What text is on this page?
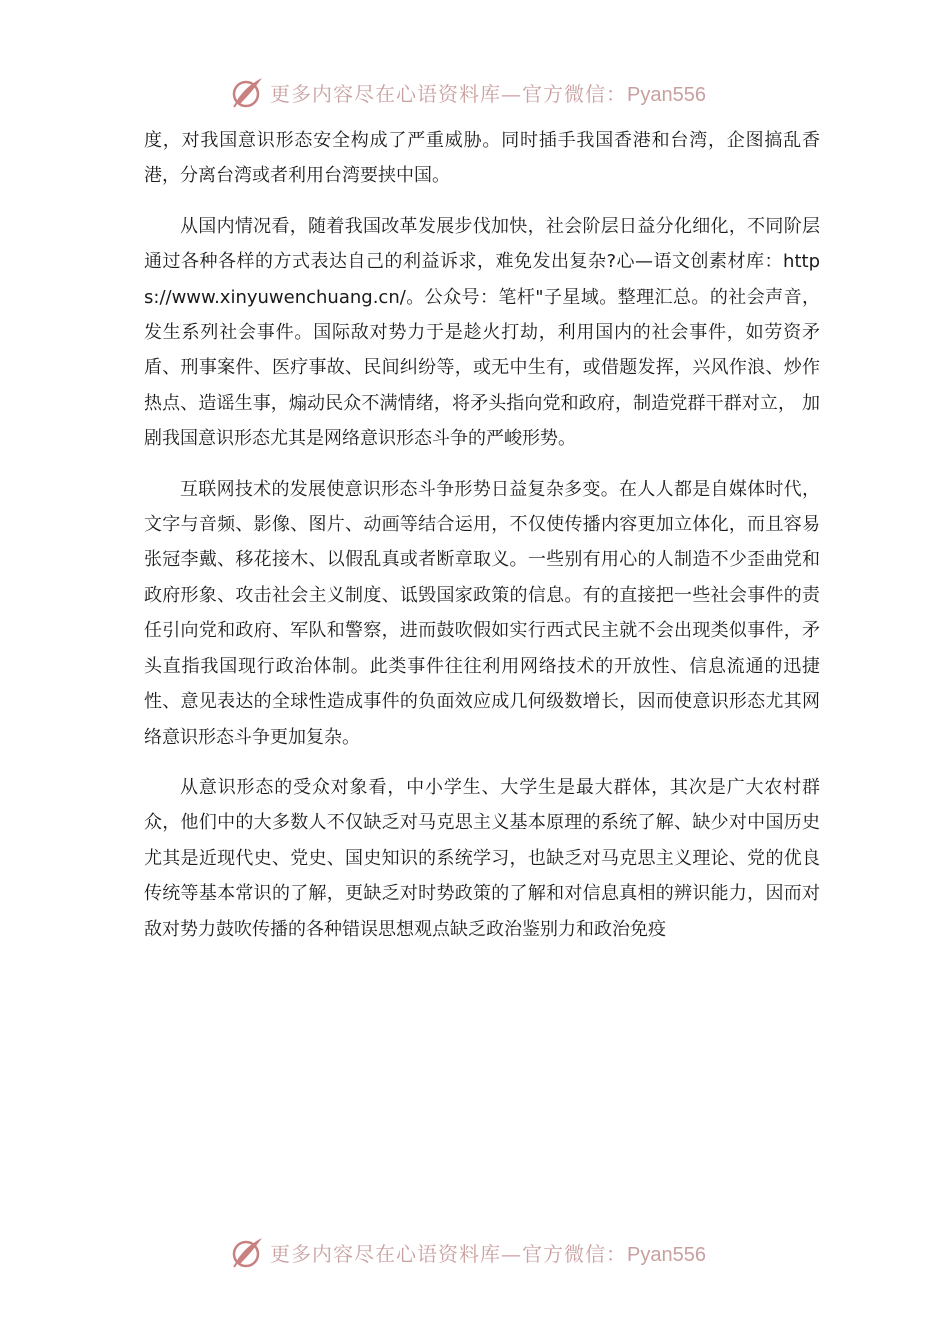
更多内容尽在心语资料库—官方微信：Pyan556

度，对我国意识形态安全构成了严重威胁。同时插手我国香港和台湾，企图搞乱香港，分离台湾或者利用台湾要挟中国。

从国内情况看，随着我国改革发展步伐加快，社会阶层日益分化细化，不同阶层通过各种各样的方式表达自己的利益诉求，难免发出复杂?心—语文创素材库：https://www.xinyuwenchuang.cn/。公众号：笔杆"子星域。整理汇总。的社会声音，发生系列社会事件。国际敌对势力于是趁火打劫，利用国内的社会事件，如劳资矛盾、刑事案件、医疗事故、民间纠纷等，或无中生有，或借题发挥，兴风作浪、炒作热点、造谣生事，煽动民众不满情绪，将矛头指向党和政府，制造党群干群对立， 加剧我国意识形态尤其是网络意识形态斗争的严峻形势。

互联网技术的发展使意识形态斗争形势日益复杂多变。在人人都是自媒体时代，文字与音频、影像、图片、动画等结合运用，不仅使传播内容更加立体化，而且容易张冠李戴、移花接木、以假乱真或者断章取义。一些别有用心的人制造不少歪曲党和政府形象、攻击社会主义制度、诋毁国家政策的信息。有的直接把一些社会事件的责任引向党和政府、军队和警察，进而鼓吹假如实行西式民主就不会出现类似事件，矛头直指我国现行政治体制。此类事件往往利用网络技术的开放性、信息流通的迅捷性、意见表达的全球性造成事件的负面效应成几何级数增长，因而使意识形态尤其网络意识形态斗争更加复杂。

从意识形态的受众对象看，中小学生、大学生是最大群体，其次是广大农村群众，他们中的大多数人不仅缺乏对马克思主义基本原理的系统了解、缺少对中国历史尤其是近现代史、党史、国史知识的系统学习，也缺乏对马克思主义理论、党的优良传统等基本常识的了解，更缺乏对时势政策的了解和对信息真相的辨识能力，因而对敌对势力鼓吹传播的各种错误思想观点缺乏政治鉴别力和政治免疫

更多内容尽在心语资料库—官方微信：Pyan556
